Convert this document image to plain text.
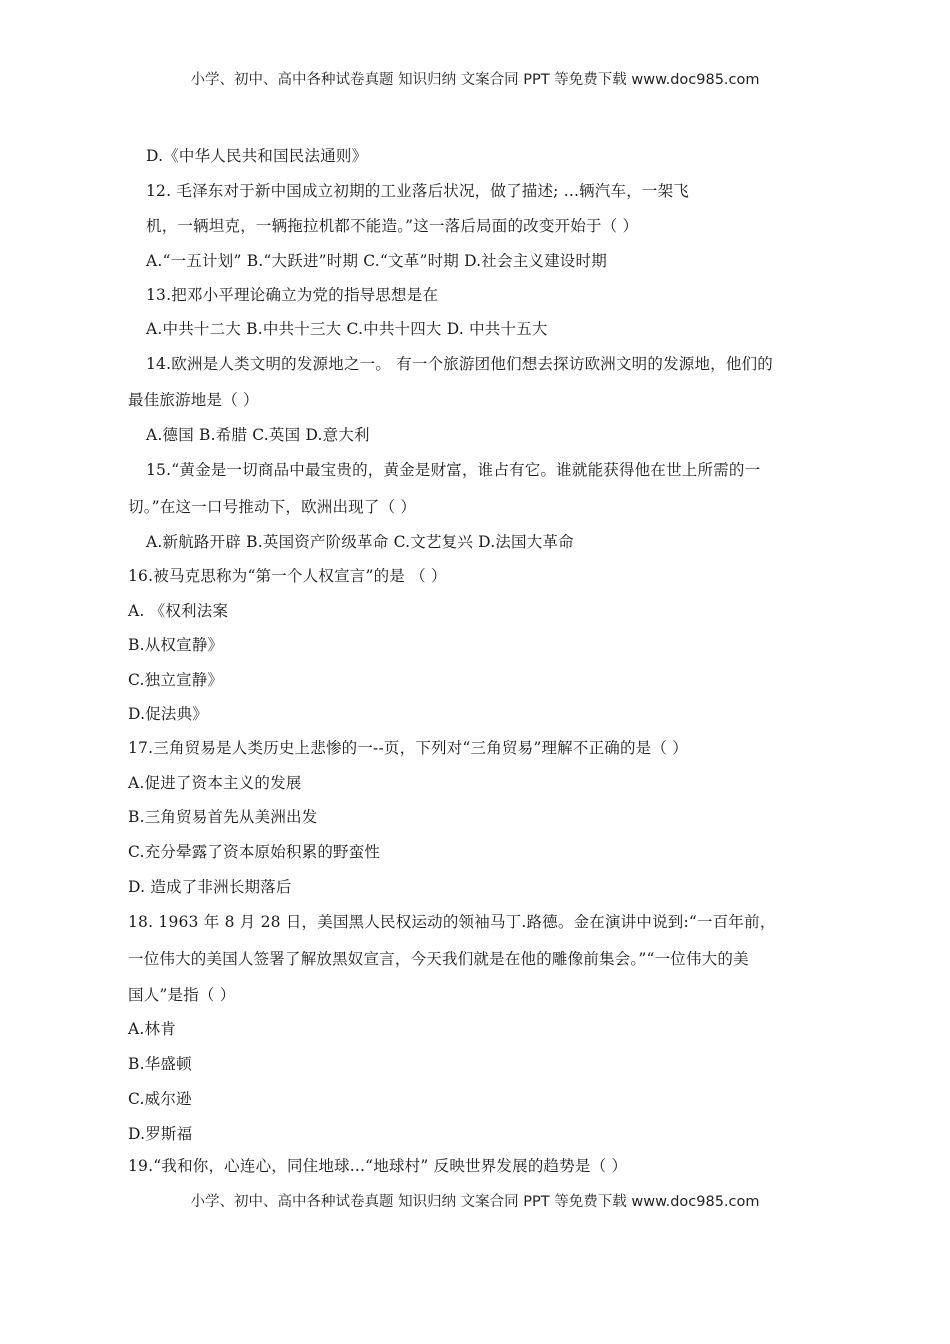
小学、初中、高中各种试卷真题 知识归纳 文案合同 PPT 等免费下载 www.doc985.com
D.《中华人民共和国民法通则》
12. 毛泽东对于新中国成立初期的工业落后状况，做了描述; ...辆汽车，一架飞
机，一辆坦克，一辆拖拉机都不能造。”这一落后局面的改变开始于（ ）
A.“一五计划” B.“大跃进”时期 C.“文革”时期 D.社会主义建设时期
13.把邓小平理论确立为党的指导思想是在
A.中共十二大 B.中共十三大 C.中共十四大 D. 中共十五大
14.欧洲是人类文明的发源地之一。 有一个旅游团他们想去探访欧洲文明的发源地，他们的
最佳旅游地是（ ）
A.德国 B.希腊 C.英国 D.意大利
15.“黄金是一切商品中最宝贵的，黄金是财富，谁占有它。谁就能获得他在世上所需的一
切。”在这一口号推动下，欧洲出现了（ ）
A.新航路开辟 B.英国资产阶级革命 C.文艺复兴 D.法国大革命
16.被马克思称为“第一个人权宣言”的是 （ ）
A. 《权利法案
B.从权宣静》
C.独立宣静》
D.促法典》
17.三角贸易是人类历史上悲惨的一--页，下列对“三角贸易”理解不正确的是（ ）
A.促进了资本主义的发展
B.三角贸易首先从美洲出发
C.充分晕露了资本原始积累的野蛮性
D. 造成了非洲长期落后
18. 1963 年 8 月 28 日，美国黑人民权运动的领袖马丁.路德。金在演讲中说到:“一百年前，
一位伟大的美国人签署了解放黑奴宣言，今天我们就是在他的雕像前集会。”“一位伟大的美
国人”是指（ ）
A.林肯
B.华盛顿
C.威尔逊
D.罗斯福
19.“我和你，心连心，同住地球...“地球村” 反映世界发展的趋势是（ ）
小学、初中、高中各种试卷真题 知识归纳 文案合同 PPT 等免费下载 www.doc985.com
